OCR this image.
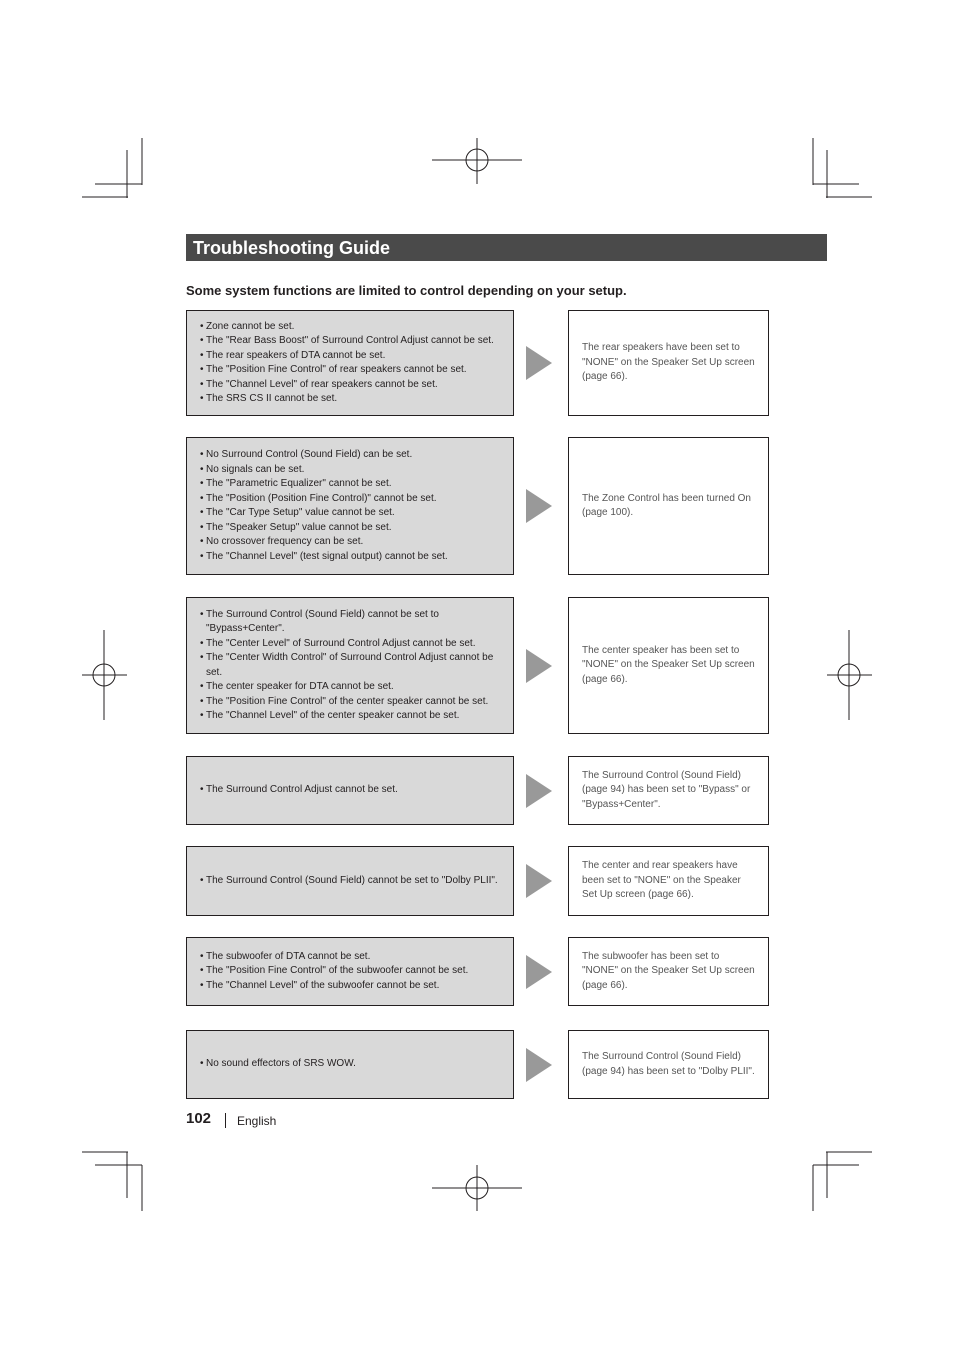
Troubleshooting Guide
Some system functions are limited to control depending on your setup.
• Zone cannot be set.
• The "Rear Bass Boost" of Surround Control Adjust cannot be set.
• The rear speakers of DTA cannot be set.
• The "Position Fine Control" of rear speakers cannot be set.
• The "Channel Level" of rear speakers cannot be set.
• The SRS CS II cannot be set.
The rear speakers have been set to "NONE" on the Speaker Set Up screen (page 66).
• No Surround Control (Sound Field) can be set.
• No signals can be set.
• The "Parametric Equalizer" cannot be set.
• The "Position (Position Fine Control)" cannot be set.
• The "Car Type Setup" value cannot be set.
• The "Speaker Setup" value cannot be set.
• No crossover frequency can be set.
• The "Channel Level" (test signal output) cannot be set.
The Zone Control has been turned On (page 100).
• The Surround Control (Sound Field) cannot be set to "Bypass+Center".
• The "Center Level" of Surround Control Adjust cannot be set.
• The "Center Width Control" of Surround Control Adjust cannot be set.
• The center speaker for DTA cannot be set.
• The "Position Fine Control" of the center speaker cannot be set.
• The "Channel Level" of the center speaker cannot be set.
The center speaker has been set to "NONE" on the Speaker Set Up screen (page 66).
• The Surround Control Adjust cannot be set.
The Surround Control (Sound Field) (page 94) has been set to "Bypass" or "Bypass+Center".
• The Surround Control (Sound Field) cannot be set to "Dolby PLII".
The center and rear speakers have been set to "NONE" on the Speaker Set Up screen (page 66).
• The subwoofer of DTA cannot be set.
• The "Position Fine Control" of the subwoofer cannot be set.
• The "Channel Level" of the subwoofer cannot be set.
The subwoofer has been set to "NONE" on the Speaker Set Up screen (page 66).
• No sound effectors of SRS WOW.
The Surround Control (Sound Field) (page 94) has been set to "Dolby PLII".
102 English
